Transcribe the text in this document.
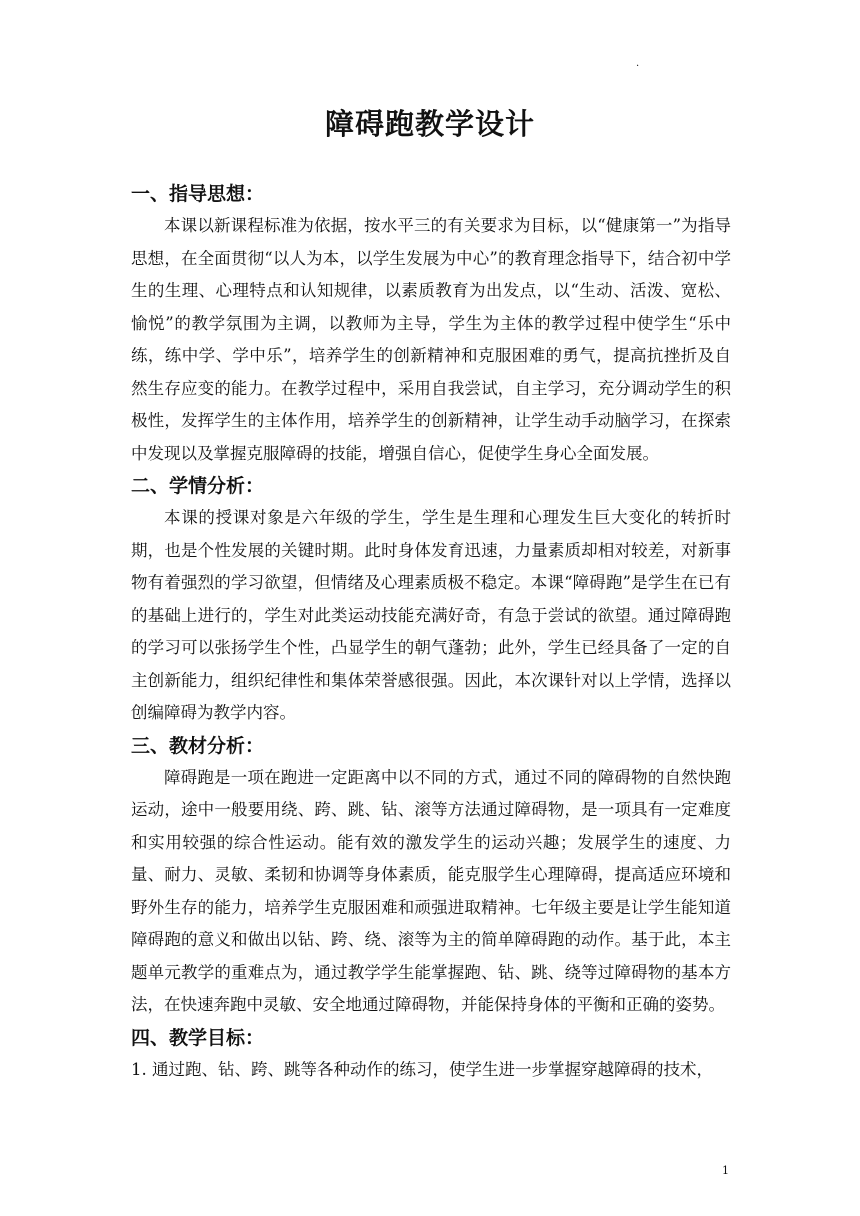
.
障碍跑教学设计
一、指导思想：

本课以新课程标准为依据，按水平三的有关要求为目标，以“健康第一”为指导思想，在全面贯彻“以人为本，以学生发展为中心”的教育理念指导下，结合初中学生的生理、心理特点和认知规律，以素质教育为出发点，以“生动、活泼、宽松、愉悦”的教学氛围为主调，以教师为主导，学生为主体的教学过程中使学生“乐中练，练中学、学中乐”，培养学生的创新精神和克服困难的勇气，提高抗挫折及自然生存应变的能力。在教学过程中，采用自我尝试，自主学习，充分调动学生的积极性，发挥学生的主体作用，培养学生的创新精神，让学生动手动脑学习，在探索中发现以及掌握克服障碍的技能，增强自信心，促使学生身心全面发展。

二、学情分析：

本课的授课对象是六年级的学生，学生是生理和心理发生巨大变化的转折时期，也是个性发展的关键时期。此时身体发育迅速，力量素质却相对较差，对新事物有着强烈的学习欲望，但情绪及心理素质极不稳定。本课“障碍跑”是学生在已有的基础上进行的，学生对此类运动技能充满好奇，有急于尝试的欲望。通过障碍跑的学习可以张扬学生个性，凸显学生的朝气蓬勃；此外，学生已经具备了一定的自主创新能力，组织纪律性和集体荣誉感很强。因此，本次课针对以上学情，选择以创编障碍为教学内容。

三、教材分析：

障碍跑是一项在跑进一定距离中以不同的方式，通过不同的障碍物的自然快跑运动，途中一般要用绕、跨、跳、钻、滚等方法通过障碍物，是一项具有一定难度和实用较强的综合性运动。能有效的激发学生的运动兴趣；发展学生的速度、力量、耐力、灵敏、柔韧和协调等身体素质，能克服学生心理障碍，提高适应环境和野外生存的能力，培养学生克服困难和顽强进取精神。七年级主要是让学生能知道障碍跑的意义和做出以钻、跨、绕、滚等为主的简单障碍跑的动作。基于此，本主题单元教学的重难点为，通过教学学生能掌握跑、钻、跳、绕等过障碍物的基本方法，在快速奔跑中灵敏、安全地通过障碍物，并能保持身体的平衡和正确的姿势。

四、教学目标：

1. 通过跑、钻、跨、跳等各种动作的练习，使学生进一步掌握穿越障碍的技术，

1
